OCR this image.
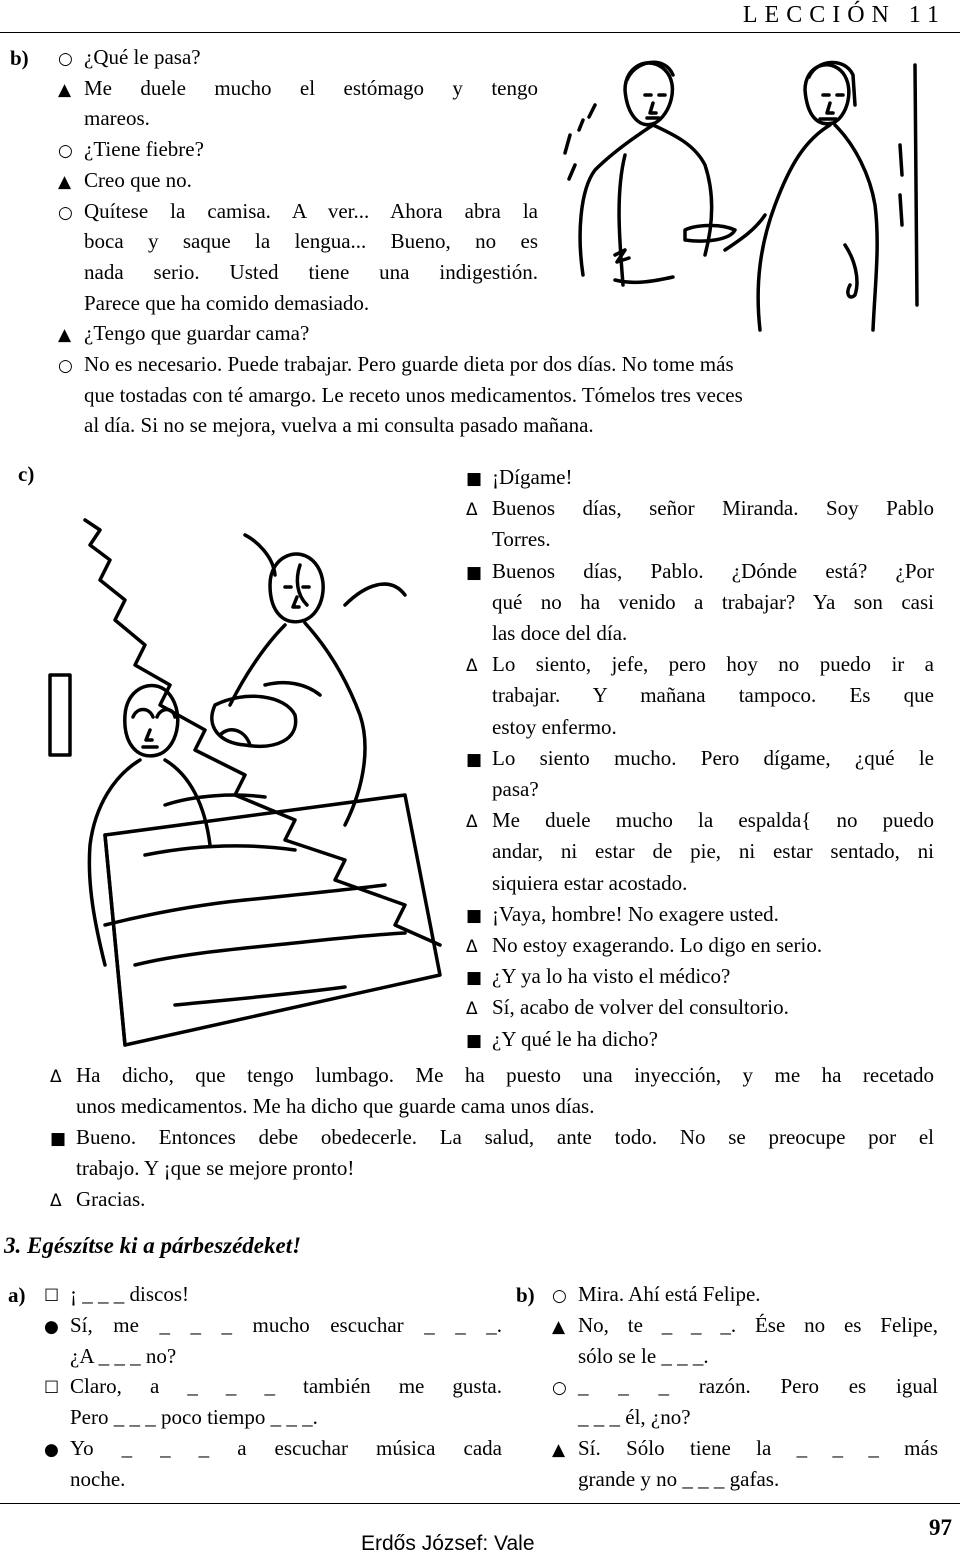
LECCIÓN 11
b) ○ ¿Qué le pasa?
▲ Me duele mucho el estómago y tengo
mareos.
○ ¿Tiene fiebre?
▲ Creo que no.
○ Quítese la camisa. A ver... Ahora abra la
boca y saque la lengua... Bueno, no es
nada serio. Usted tiene una indigestión.
Parece que ha comido demasiado.
▲ ¿Tengo que guardar cama?
○ No es necesario. Puede trabajar. Pero guarde dieta por dos días. No tome más
que tostadas con té amargo. Le receto unos medicamentos. Tómelos tres veces
al día. Si no se mejora, vuelva a mi consulta pasado mañana.
c)	■ ¡Dígame!
Δ Buenos días, señor Miranda. Soy Pablo
Torres.
■ Buenos días, Pablo. ¿Dónde está? ¿Por
qué no ha venido a trabajar? Ya son casi
las doce del día.
Δ Lo siento, jefe, pero hoy no puedo ir a
trabajar. Y mañana tampoco. Es que
estoy enfermo.
■ Lo siento mucho. Pero dígame, ¿qué le
pasa?
Δ Me duele mucho la espalda{ no puedo
andar, ni estar de pie, ni estar sentado, ni
siquiera estar acostado.
■ ¡Vaya, hombre! No exagere usted.
Δ No estoy exagerando. Lo digo en serio.
■ ¿Y ya lo ha visto el médico?
Δ Sí, acabo de volver del consultorio.
■ ¿Y qué le ha dicho?
Δ Ha dicho, que tengo lumbago. Me ha puesto una inyección, y me ha recetado
unos medicamentos. Me ha dicho que guarde cama unos días.
■ Bueno. Entonces debe obedecerle. La salud, ante todo. No se preocupe por el
trabajo. Y ¡que se mejore pronto!
Δ Gracias.
3. Egészítse ki a párbeszédeket!
a)	b)
☐ ¡ _ _ _ discos!
● Sí, me _ _ _ mucho escuchar _ _ _.
¿A _ _ _ no?
☐ Claro, a _ _ _ también me gusta.
Pero _ _ _ poco tiempo _ _ _.
● Yo _ _ _ a escuchar música cada
noche.
○ Mira. Ahí está Felipe.
▲ No, te _ _ _. Ése no es Felipe,
sólo se le _ _ _.
○ _ _ _ razón. Pero es igual
_ _ _ él, ¿no?
▲ Sí. Sólo tiene la _ _ _ más
grande y no _ _ _ gafas.
Erdős József: Vale
97
